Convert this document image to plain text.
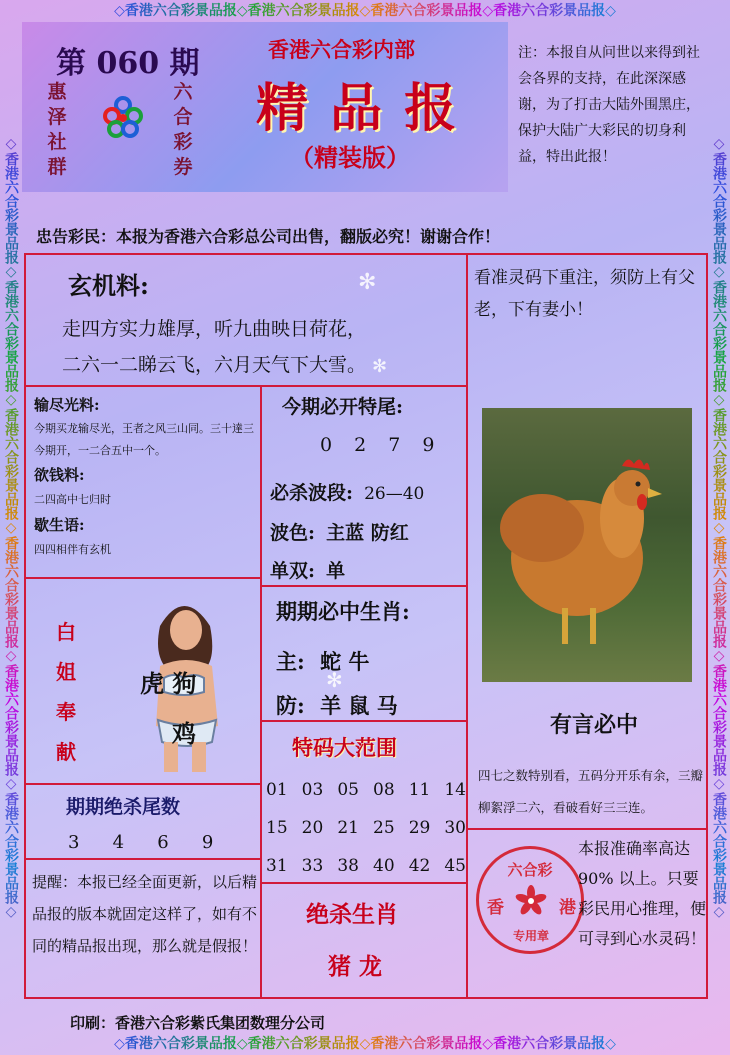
◇香港六合彩景品报◇香港六合彩景品报◇香港六合彩景品报◇香港六合彩景品报◇
◇香港六合彩景品报◇香港六合彩景品报◇香港六合彩景品报◇香港六合彩景品报◇
◇香港六合彩景品报◇香港六合彩景品报◇香港六合彩景品报◇香港六合彩景品报◇香港六合彩景品报◇香港六合彩景品报◇	◇香港六合彩景品报◇香港六合彩景品报◇香港六合彩景品报◇香港六合彩景品报◇香港六合彩景品报◇香港六合彩景品报◇
第 060 期
惠
泽
社
群
六
合
彩
券
香港六合彩内部
精 品 报
（精装版）
注：本报自从问世以来得到社会各界的支持，在此深深感谢，为了打击大陆外围黑庄，保护大陆广大彩民的切身利益，特出此报！
忠告彩民：本报为香港六合彩总公司出售，翻版必究！谢谢合作！
玄机料:
走四方实力雄厚，听九曲映日荷花，
二六一二睇云飞，六月天气下大雪。
✻
✻
看准灵码下重注，须防上有父老，下有妻小！
输尽光料:
今期买龙输尽光，王者之风三山同。三十達三今期开，一二合五中一个。
欲钱料:
二四高中七归时
歇生语:
四四相伴有玄机
今期必开特尾:
0 2 7 9
必杀波段: 26—40
波色: 主蓝 防红
单双: 单
白
姐
奉
献
虎 狗
鸡
期期必中生肖:
主: 蛇 牛
防: 羊 鼠 马
✻
有言必中
四七之数特别看，五码分开乐有余，三瓣柳絮浮二六，看破看好三三连。
期期绝杀尾数
3   4   6   9
特码大范围
01 03 05 08 11 14
15 20 21 25 29 30
31 33 38 40 42 45
提醒：本报已经全面更新，以后精品报的版本就固定这样了，如有不同的精品报出现，那么就是假报！
绝杀生肖
猪 龙
六合彩
香	港
专用章
本报准确率高达 90% 以上。只要彩民用心推理，便可寻到心水灵码！
印刷：香港六合彩紫氏集团数理分公司
